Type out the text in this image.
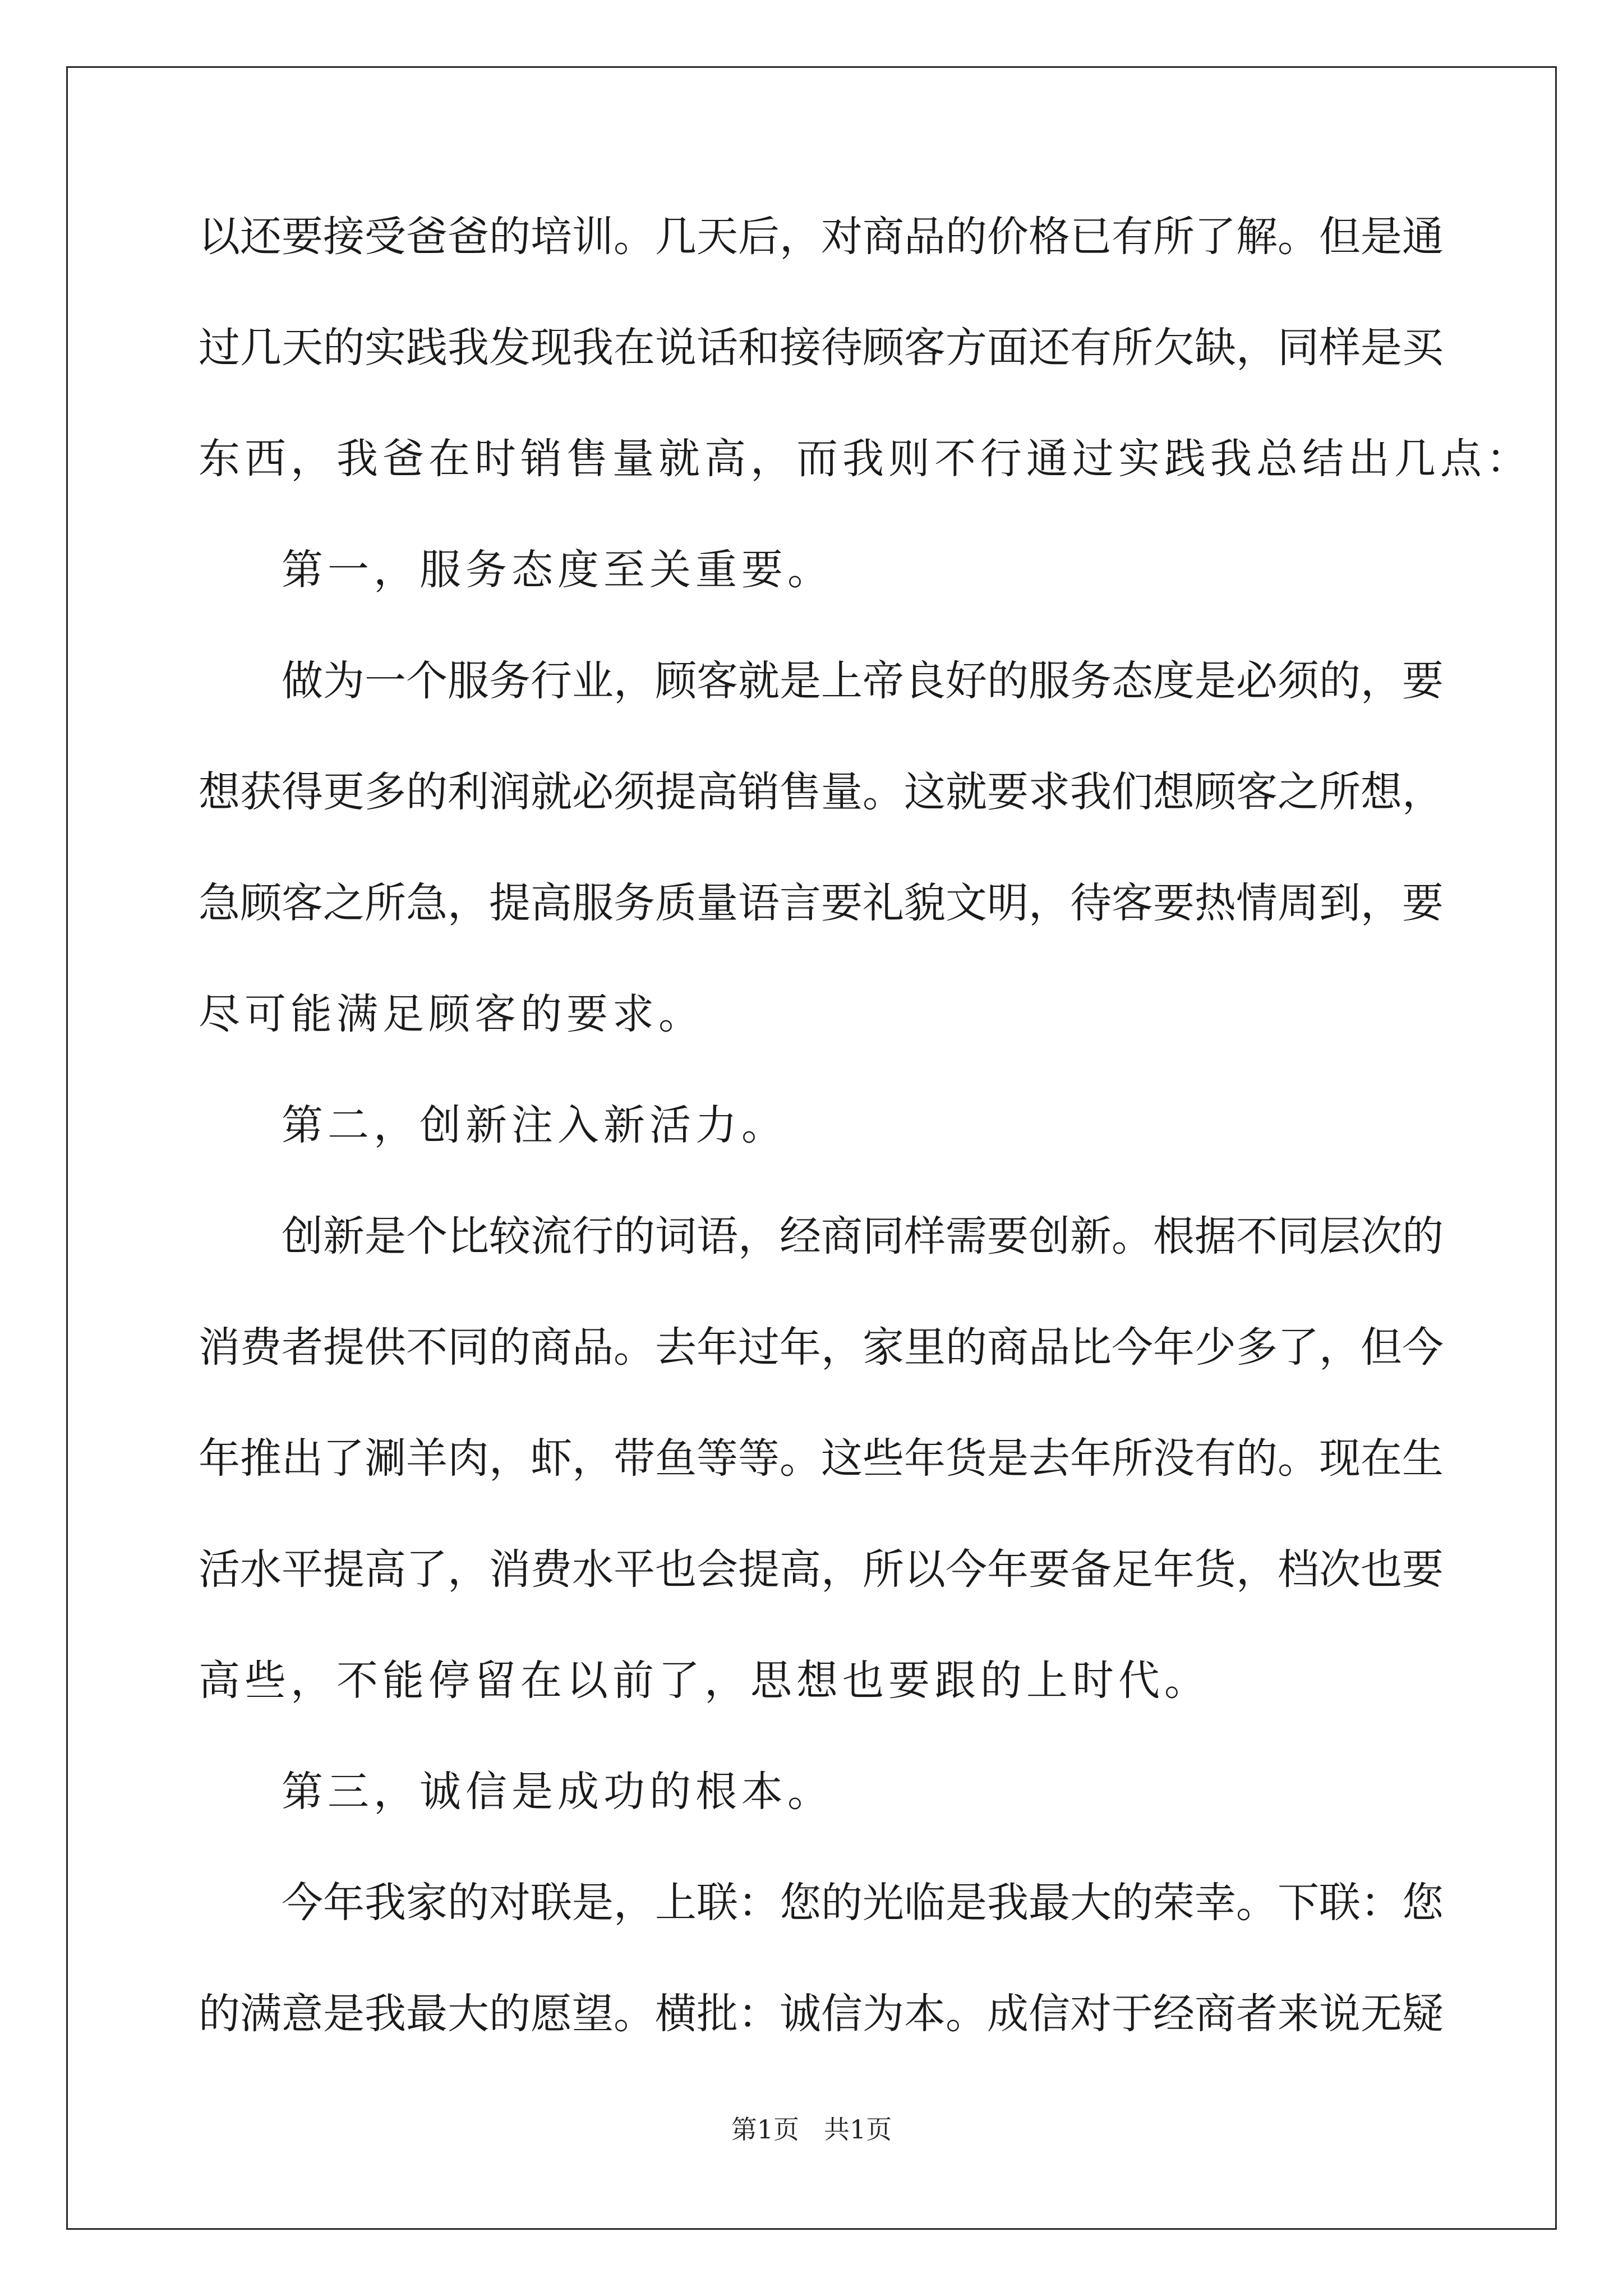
以还要接受爸爸的培训。几天后，对商品的价格已有所了解。但是通
过几天的实践我发现我在说话和接待顾客方面还有所欠缺，同样是买
东西，我爸在时销售量就高，而我则不行通过实践我总结出几点：
第一，服务态度至关重要。
做为一个服务行业，顾客就是上帝良好的服务态度是必须的，要
想获得更多的利润就必须提高销售量。这就要求我们想顾客之所想，
急顾客之所急，提高服务质量语言要礼貌文明，待客要热情周到，要
尽可能满足顾客的要求。
第二，创新注入新活力。
创新是个比较流行的词语，经商同样需要创新。根据不同层次的
消费者提供不同的商品。去年过年，家里的商品比今年少多了，但今
年推出了涮羊肉，虾，带鱼等等。这些年货是去年所没有的。现在生
活水平提高了，消费水平也会提高，所以今年要备足年货，档次也要
高些，不能停留在以前了，思想也要跟的上时代。
第三，诚信是成功的根本。
今年我家的对联是，上联：您的光临是我最大的荣幸。下联：您
的满意是我最大的愿望。横批：诚信为本。成信对于经商者来说无疑
第1页 共1页
